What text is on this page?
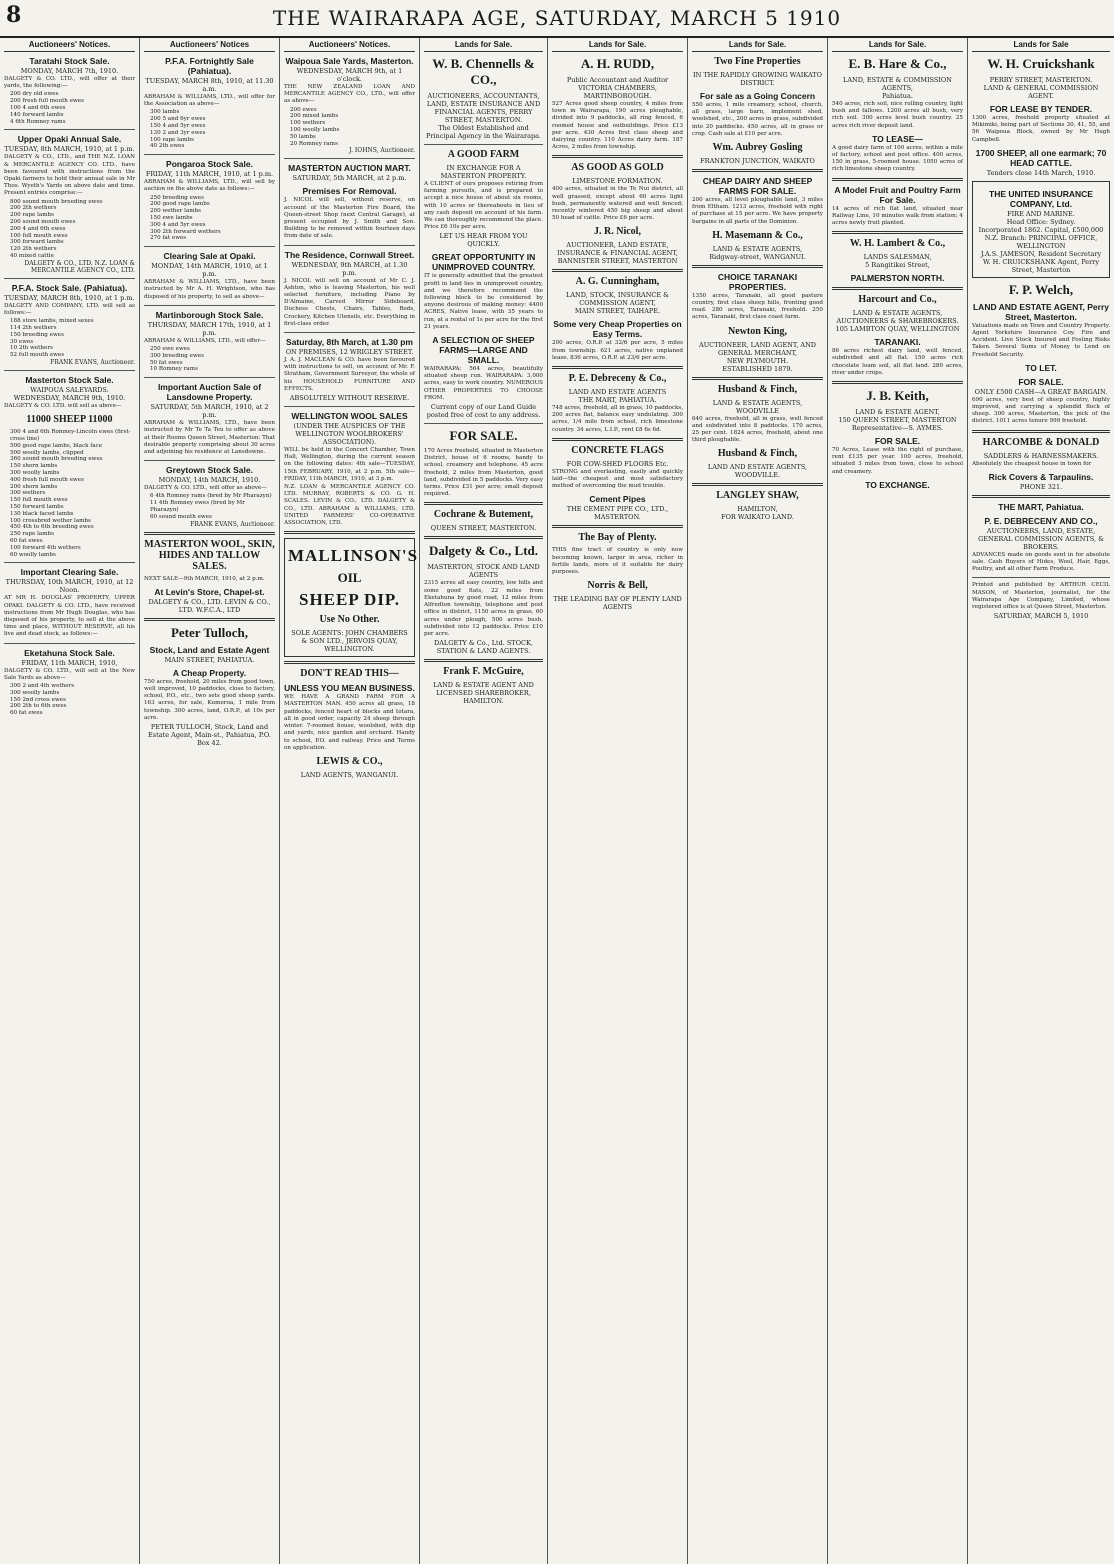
8	THE WAIRARAPA AGE, SATURDAY, MARCH 5 1910
Auctioneers' Notices.
Taratahi Stock Sale.

MONDAY, MARCH 7th, 1910.

DALGETY & CO. LTD., will offer at their yards, the following:—

200 dry old ewes
200 fresh full mouth ewes
100 4 and 6th ewes
140 forward lambs
4 6th Romney rams
Upper Opaki Annual Sale.

TUESDAY, 8th MARCH, 1910, at 1 p.m.

DALGETY & CO., LTD., and THE N.Z. LOAN & MERCANTILE AGENCY CO. LTD., have been favoured with instructions from the Opaki farmers to hold their annual sale in Mr Thos. Wyeth's Yards on above date and time. Present entries comprise:—

800 sound mouth breeding ewes
200 2th wethers
200 rape lambs
200 sound mouth ewes
200 4 and 6th ewes
100 full mouth ewes
300 forward lambs
120 2th wethers
40 mixed cattle

DALGETY & CO., LTD. N.Z. LOAN & MERCANTILE AGENCY CO., LTD.

P.F.A. Stock Sale. (Pahiatua).

TUESDAY, MARCH 8th, 1910, at 1 p.m.

DALGETY AND COMPANY, LTD. will sell as follows:—

188 store lambs, mixed sexes
114 2th wethers
150 breeding ewes
30 ewes
10 2th wethers
52 full mouth ewes

FRANK EVANS, Auctioneer.

Masterton Stock Sale.

WAIPOUA SALEYARDS.

WEDNESDAY, MARCH 9th, 1910.

DALGETY & CO. LTD. will sell as above—

11000 SHEEP 11000
300 4 and 6th Romney-Lincoln ewes (first-cross line)
500 good rape lambs, black face
500 woolly lambs, clipped
360 sound mouth breeding ewes
150 shorn lambs
300 woolly lambs
400 fresh full mouth ewes
200 shorn lambs
300 wethers
150 full mouth ewes
150 forward lambs
130 black faced lambs
100 crossbred wether lambs
450 4th to 6th breeding ewes
250 rape lambs
60 fat ewes
100 forward 4th wethers
60 woolly lambs
Important Clearing Sale.

THURSDAY, 10th MARCH, 1910, at 12 Noon.

AT MR H. DOUGLAS' PROPERTY, UPPER OPAKI. DALGETY & CO. LTD., have received instructions from Mr Hugh Douglas, who has disposed of his property, to sell at the above time and place, WITHOUT RESERVE, all his live and dead stock, as follows:—

Eketahuna Stock Sale.

FRIDAY, 11th MARCH, 1910,

DALGETY & CO. LTD., will sell at the New Sale Yards as above—

300 2 and 4th wethers
300 woolly lambs
150 2nd cross ewes
200 2th to 6th ewes
60 fat ewes
Auctioneers' Notices
P.F.A. Fortnightly Sale (Pahiatua).

TUESDAY, MARCH 8th, 1910, at 11.30 a.m.

ABRAHAM & WILLIAMS, LTD., will offer for the Association as above—

300 lambs
200 5 and 6yr ewes
150 4 and 5yr ewes
130 2 and 3yr ewes
100 rape lambs
40 2th ewes
Pongaroa Stock Sale.

FRIDAY, 11th MARCH, 1910, at 1 p.m.

ABRAHAM & WILLIAMS, LTD., will sell by auction on the above date as follows:—

250 breeding ewes
200 good rape lambs
200 wether lambs
150 ewe lambs
300 4 and 5yr ewes
300 2th forward wethers
270 fat ewes
Clearing Sale at Opaki.

MONDAY, 14th MARCH, 1910, at 1 p.m.

ABRAHAM & WILLIAMS, LTD., have been instructed by Mr A. H. Wrightson, who has disposed of his property, to sell as above—

Martinborough Stock Sale.

THURSDAY, MARCH 17th, 1910, at 1 p.m.

ABRAHAM & WILLIAMS, LTD., will offer—

250 ewe ewes
300 breeding ewes
50 fat ewes
10 Romney rams
Important Auction Sale of Lansdowne Property.

SATURDAY, 5th MARCH, 1910, at 2 p.m.

ABRAHAM & WILLIAMS, LTD., have been instructed by Mr Te Ta Teu to offer as above at their Rooms Queen Street, Masterton: That desirable property comprising about 30 acres and adjoining his residence at Lansdowne.

Greytown Stock Sale.

MONDAY, 14th MARCH, 1910.

DALGETY & CO. LTD., will offer as above—

6 4th Romney rams (bred by Mr Pharazyn)
11 4th Romney ewes (bred by Mr Pharazyn)
60 sound mouth ewes

FRANK EVANS, Auctioneer.

MASTERTON WOOL, SKIN, HIDES AND TALLOW SALES.

NEXT SALE—9th MARCH, 1910, at 2 p.m.

At Levin's Store, Chapel-st.

DALGETY & CO., LTD. LEVIN & CO., LTD. W.F.C.A., LTD

Peter Tulloch,
Stock, Land and Estate Agent

MAIN STREET, PAHIATUA.

A Cheap Property.

750 acres, freehold, 20 miles from good town, well improved, 10 paddocks, close to factory, school, P.O., etc., two sets good sheep yards. 163 acres, for sale, Kumeroa, 1 mile from township. 300 acres, land, O.R.P., at 10s per acre.

PETER TULLOCH, Stock, Land and Estate Agent, Main-st., Pahiatua, P.O. Box 42.

Auctioneers' Notices.
Waipoua Sale Yards, Masterton.

WEDNESDAY, MARCH 9th, at 1 o'clock.

THE NEW ZEALAND LOAN AND MERCANTILE AGENCY CO., LTD., will offer as above—

200 ewes
200 mixed lambs
100 wethers
100 woolly lambs
50 lambs
20 Romney rams

J. IOHNS, Auctioneer.

MASTERTON AUCTION MART.

SATURDAY, 5th MARCH, at 2 p.m.

Premises For Removal.

J. NICOL will sell, without reserve, on account of the Masterton Fire Board, the Queen-street Shop (next Central Garage), at present occupied by J. Smith and Son. Building to be removed within fourteen days from date of sale.

The Residence, Cornwall Street.

WEDNESDAY, 9th MARCH, at 1.30 p.m.

J. NICOL will sell on account of Mr C. J. Ashton, who is leaving Masterton, his well selected furniture, including Piano by D'Almaine, Carved Mirror Sideboard, Duchess Chests, Chairs, Tables, Beds, Crockery, Kitchen Utensils, etc. Everything in first-class order.

Saturday, 8th March, at 1.30 pm

ON PREMISES, 12 WRIGLEY STREET.

J. A. J. MACLEAN & CO. have been favoured with instructions to sell, on account of Mr. F. Stratham, Government Surveyor, the whole of his HOUSEHOLD FURNITURE AND EFFECTS.

ABSOLUTELY WITHOUT RESERVE.

WELLINGTON WOOL SALES

(UNDER THE AUSPICES OF THE WELLINGTON WOOLBROKERS' ASSOCIATION).

WILL be held in the Concert Chamber, Town Hall, Wellington, during the current season on the following dates: 4th sale—TUESDAY, 15th FEBRUARY, 1910, at 2 p.m. 5th sale—FRIDAY, 11th MARCH, 1910, at 3 p.m.

N.Z. LOAN & MERCANTILE AGENCY CO. LTD. MURRAY, ROBERTS & CO. G. H. SCALES. LEVIN & CO., LTD. DALGETY & CO., LTD. ABRAHAM & WILLIAMS, LTD. UNITED FARMERS' CO-OPERATIVE ASSOCIATION, LTD.

MALLINSON'S
OIL
SHEEP DIP.
Use No Other.

SOLE AGENTS: JOHN CHAMBERS & SON LTD., JERVOIS QUAY, WELLINGTON.

DON'T READ THIS—
UNLESS YOU MEAN BUSINESS.

WE HAVE A GRAND FARM FOR A MASTERTON MAN. 450 acres all grass, 18 paddocks, fenced heart of blocks and totara, all in good order, capacity 24 sheep through winter. 7-roomed house, woolshed, with dip and yards, nice garden and orchard. Handy to school, P.O. and railway. Price and Terms on application.

LEWIS & CO.,

LAND AGENTS, WANGANUI.

Lands for Sale.
W. B. Chennells & CO.,

AUCTIONEERS, ACCOUNTANTS, LAND, ESTATE INSURANCE AND FINANCIAL AGENTS, PERRY STREET, MASTERTON.

The Oldest Established and Principal Agency in the Wairarapa.

A GOOD FARM

IN EXCHANGE FOR A MASTERTON PROPERTY.

A CLIENT of ours proposes retiring from farming pursuits, and is prepared to accept a nice house of about six rooms, with 10 acres or thereabouts in lieu of any cash deposit on account of his farm. We can thoroughly recommend the place. Price £6 10s per acre.

LET US HEAR FROM YOU QUICKLY.

GREAT OPPORTUNITY IN UNIMPROVED COUNTRY.

IT is generally admitted that the greatest profit in land lies in unimproved country, and we therefore recommend the following block to be considered by anyone desirous of making money: 4400 ACRES, Native lease, with 35 years to run, at a rental of 1s per acre for the first 21 years.

A SELECTION OF SHEEP FARMS—LARGE AND SMALL.

WAIRARAPA: 564 acres, beautifully situated sheep run. WAIRARAPA: 3,000 acres, easy to work country. NUMEROUS OTHER PROPERTIES TO CHOOSE FROM.

Current copy of our Land Guide posted free of cost to any address.

FOR SALE.

170 Acres freehold, situated in Masterton District, house of 6 rooms, handy to school, creamery and telephone. 45 acre freehold, 2 miles from Masterton, good land, subdivided in 5 paddocks. Very easy terms. Price £31 per acre; small deposit required.

Cochrane & Butement,

QUEEN STREET, MASTERTON.

Dalgety & Co., Ltd.

MASTERTON, STOCK AND LAND AGENTS

2315 acres all easy country, low hills and some good flats, 22 miles from Eketahuna by good road, 12 miles from Alfredton township, telephone and post office in district, 1150 acres in grass, 60 acres under plough, 500 acres bush, subdivided into 12 paddocks. Price £10 per acre.

DALGETY & Co., Ltd. STOCK, STATION & LAND AGENTS.

Frank F. McGuire,

LAND & ESTATE AGENT AND LICENSED SHAREBROKER, HAMILTON.

Lands for Sale.
A. H. RUDD,

Public Accountant and Auditor

VICTORIA CHAMBERS, MARTINBOROUGH.

527 Acres good sheep country, 4 miles from town in Wairarapa, 190 acres ploughable, divided into 9 paddocks, all ring fenced, 6 roomed house and outbuildings. Price £13 per acre. 430 Acres first class sheep and dairying country. 110 Acres dairy farm. 187 Acres, 2 miles from township.

AS GOOD AS GOLD

LIMESTONE FORMATION.

400 acres, situated in the Te Nui district, all well grassed, except about 60 acres light bush, permanently watered and well fenced; recently wintered 450 big sheep and about 50 head of cattle. Price £6 per acre.

J. R. Nicol,

AUCTIONEER, LAND ESTATE, INSURANCE & FINANCIAL AGENT,

BANNISTER STREET, MASTERTON

A. G. Cunningham,

LAND, STOCK, INSURANCE & COMMISSION AGENT,

MAIN STREET, TAIHAPE.

Some very Cheap Properties on Easy Terms.

200 acres, O.R.P. at 32/6 per acre, 5 miles from township. 621 acres, native unplaned lease. 836 acres, O.R.P. at 23/6 per acre.

P. E. Debreceny & Co.,

LAND AND ESTATE AGENTS

THE MART, PAHIATUA.

748 acres, freehold, all in grass, 10 paddocks, 200 acres flat, balance easy undulating. 300 acres, 1/4 mile from school, rich limestone country. 34 acres, L.I.P., rent £8 6s 6d.

CONCRETE FLAGS

FOR COW-SHED FLOORS Etc.

STRONG and everlasting, easily and quickly laid—the cheapest and most satisfactory method of overcoming the mud trouble.

Cement Pipes

THE CEMENT PIPE CO., LTD., MASTERTON.

The Bay of Plenty.

THIS fine tract of country is only now becoming known, larger in area, richer in fertile lands, more of it suitable for dairy purposes.

Norris & Bell,

THE LEADING BAY OF PLENTY LAND AGENTS

Lands for Sale.
Two Fine Properties

IN THE RAPIDLY GROWING WAIKATO DISTRICT.

For sale as a Going Concern

550 acres, 1 mile creamery, school, church, all grass, large barn, implement shed, woolshed, etc., 200 acres in grass, subdivided into 20 paddocks. 450 acres, all in grass or crop. Cash sale at £10 per acre.

Wm. Aubrey Gosling

FRANKTON JUNCTION, WAIKATO

CHEAP DAIRY AND SHEEP FARMS FOR SALE.

200 acres, all level ploughable land, 3 miles from Eltham. 1213 acres, freehold with right of purchase at 15 per acre. We have property bargains in all parts of the Dominion.

H. Masemann & Co.,

LAND & ESTATE AGENTS,

Ridgway-street, WANGANUI.

CHOICE TARANAKI PROPERTIES.

1350 acres, Taranaki, all good pasture country, first class sheep hills, fronting good road. 280 acres, Taranaki, freehold. 250 acres, Taranaki, first class coast farm.

Newton King,

AUCTIONEER, LAND AGENT, AND GENERAL MERCHANT,

NEW PLYMOUTH.

ESTABLISHED 1879.

Husband & Finch,

LAND & ESTATE AGENTS,

WOODVILLE

640 acres, freehold, all in grass, well fenced and subdivided into 8 paddocks. 170 acres, 25 per cent. 1824 acres, freehold, about one third ploughable.

Husband & Finch,

LAND AND ESTATE AGENTS, WOODVILLE.

LANGLEY SHAW,

HAMILTON,

FOR WAIKATO LAND.

Lands for Sale.
E. B. Hare & Co.,

LAND, ESTATE & COMMISSION AGENTS,

Pahiatua.

540 acres, rich soil, nice rolling country, light bush and fallows. 1200 acres all bush, very rich soil. 300 acres level bush country. 25 acres rich river deposit land.

TO LEASE—

A good dairy farm of 100 acres, within a mile of factory, school and post office. 400 acres, 150 in grass, 5-roomed house. 1050 acres of rich limestone sheep country.

A Model Fruit and Poultry Farm For Sale.

14 acres of rich flat land, situated near Railway Line, 10 minutes walk from station; 4 acres newly fruit planted.

W. H. Lambert & Co.,

LANDS SALESMAN,

5 Rangitikei Street,

PALMERSTON NORTH.
Harcourt and Co.,

LAND & ESTATE AGENTS, AUCTIONEERS & SHAREBROKERS.

105 LAMBTON QUAY, WELLINGTON

TARANAKI.

86 acres richest dairy land, well fenced, subdivided and all flat. 150 acres rich chocolate loam soil, all flat land. 280 acres, river under crops.

J. B. Keith,

LAND & ESTATE AGENT,

150 QUEEN STREET, MASTERTON

Representative—S. AYMES.

FOR SALE.

70 Acres, Lease with the right of purchase, rent £135 per year. 100 acres, freehold, situated 3 miles from town, close to school and creamery.

TO EXCHANGE.
Lands for Sale
W. H. Cruickshank

PERRY STREET, MASTERTON.

LAND & GENERAL COMMISSION AGENT.

FOR LEASE BY TENDER.

1300 acres, freehold property situated at Mikimiki, being part of Sections 30, 41, 55, and 56 Waipoua Block, owned by Mr Hugh Campbell.

1700 SHEEP, all one earmark; 70 HEAD CATTLE.

Tenders close 14th March, 1910.

THE UNITED INSURANCE COMPANY, Ltd.

FIRE AND MARINE.

Head Office: Sydney.

Incorporated 1862. Capital, £500,000

N.Z. Branch: PRINCIPAL OFFICE, WELLINGTON

J.A.S. JAMESON, Resident Secretary

W. H. CRUICKSHANK Agent, Perry Street, Masterton

F. P. Welch,
LAND AND ESTATE AGENT, Perry Street, Masterton.

Valuations made on Town and Country Property. Agent Yorkshire Insurance Coy. Fire and Accident. Live Stock Insured and Fosling Risks Taken. Several Sums of Money to Lend on Freehold Security.

TO LET.
FOR SALE.

ONLY £500 CASH—A GREAT BARGAIN.

690 acres, very best of sheep country, highly improved, and carrying a splendid flock of sheep. 300 acres, Masterton, the pick of the district. 1011 acres tenure 999 freehold.

HARCOMBE & DONALD

SADDLERS & HARNESSMAKERS.

Absolutely the cheapest house in town for

Rick Covers & Tarpaulins.

PHONE 321.

THE MART, Pahiatua.
P. E. DEBRECENY AND CO.,

AUCTIONEERS, LAND, ESTATE, GENERAL COMMISSION AGENTS, & BROKERS.

ADVANCES made on goods sent in for absolute sale. Cash Buyers of Hides, Wool, Hair, Eggs, Poultry, and all other Farm Produce.

Printed and published by ARTHUR CECIL MASON, of Masterton, journalist, for the Wairarapa Age Company, Limited, whose registered office is at Queen Street, Masterton.

SATURDAY, MARCH 5, 1910
